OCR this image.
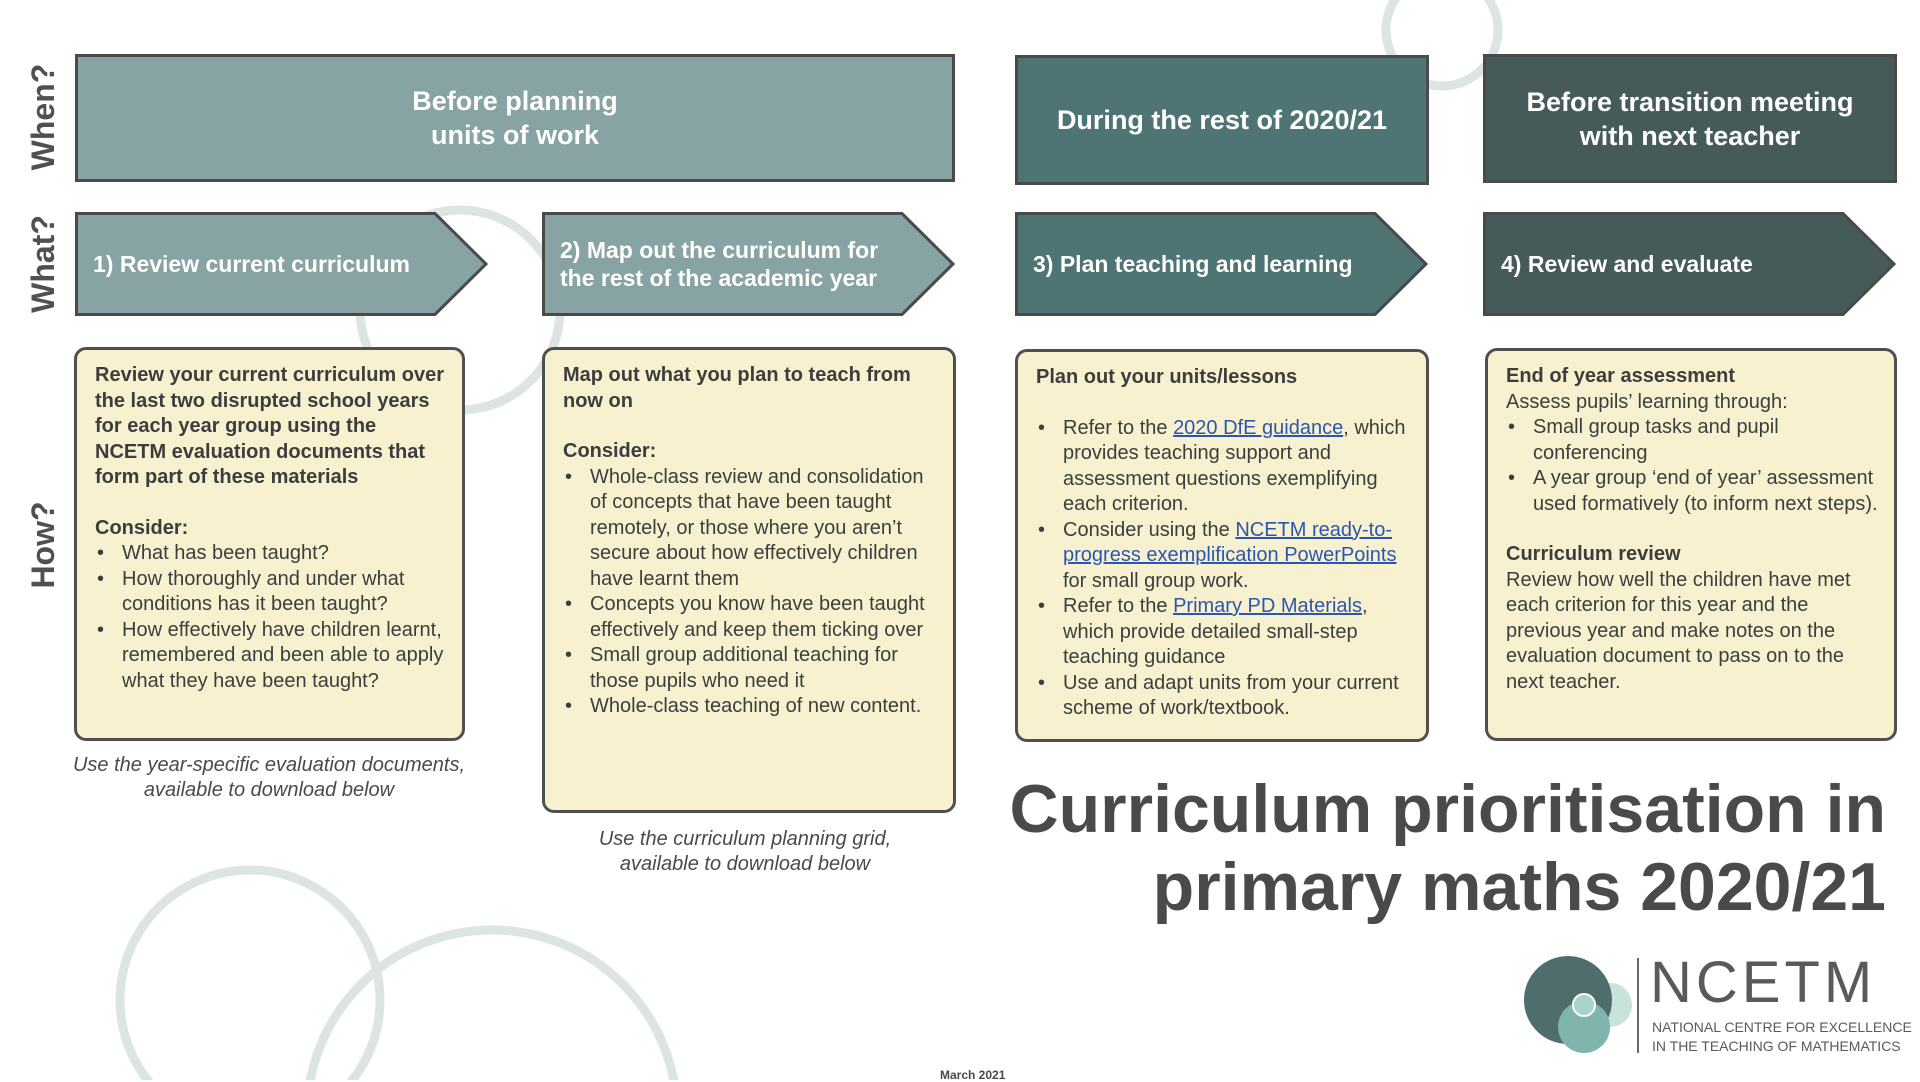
When?
What?
How?
Before planning
units of work	During the rest of 2020/21
Before transition meeting
with next teacher
1) Review current curriculum
2) Map out the curriculum for
the rest of the academic year
3) Plan teaching and learning	4) Review and evaluate

Review your current curriculum over the last two disrupted school years for each year group using the NCETM evaluation documents that form part of these materials

Consider:

• What has been taught?
• How thoroughly and under what conditions has it been taught?
• How effectively have children learnt, remembered and been able to apply what they have been taught?

Map out what you plan to teach from now on

Consider:

• Whole-class review and consolidation of concepts that have been taught remotely, or those where you aren’t secure about how effectively children have learnt them
• Concepts you know have been taught effectively and keep them ticking over
• Small group additional teaching for those pupils who need it
• Whole-class teaching of new content.

Plan out your units/lessons

• Refer to the 2020 DfE guidance, which provides teaching support and assessment questions exemplifying each criterion.
• Consider using the NCETM ready-to-progress exemplification PowerPoints for small group work.
• Refer to the Primary PD Materials, which provide detailed small-step teaching guidance
• Use and adapt units from your current scheme of work/textbook.

End of year assessment

Assess pupils’ learning through:

• Small group tasks and pupil conferencing
• A year group ‘end of year’ assessment used formatively (to inform next steps).

Curriculum review

Review how well the children have met each criterion for this year and the previous year and make notes on the evaluation document to pass on to the next teacher.

Use the year-specific evaluation documents,
available to download below
Use the curriculum planning grid,
available to download below
Curriculum prioritisation in
primary maths 2020/21
March 2021
NCETM
NATIONAL CENTRE FOR EXCELLENCE
IN THE TEACHING OF MATHEMATICS
